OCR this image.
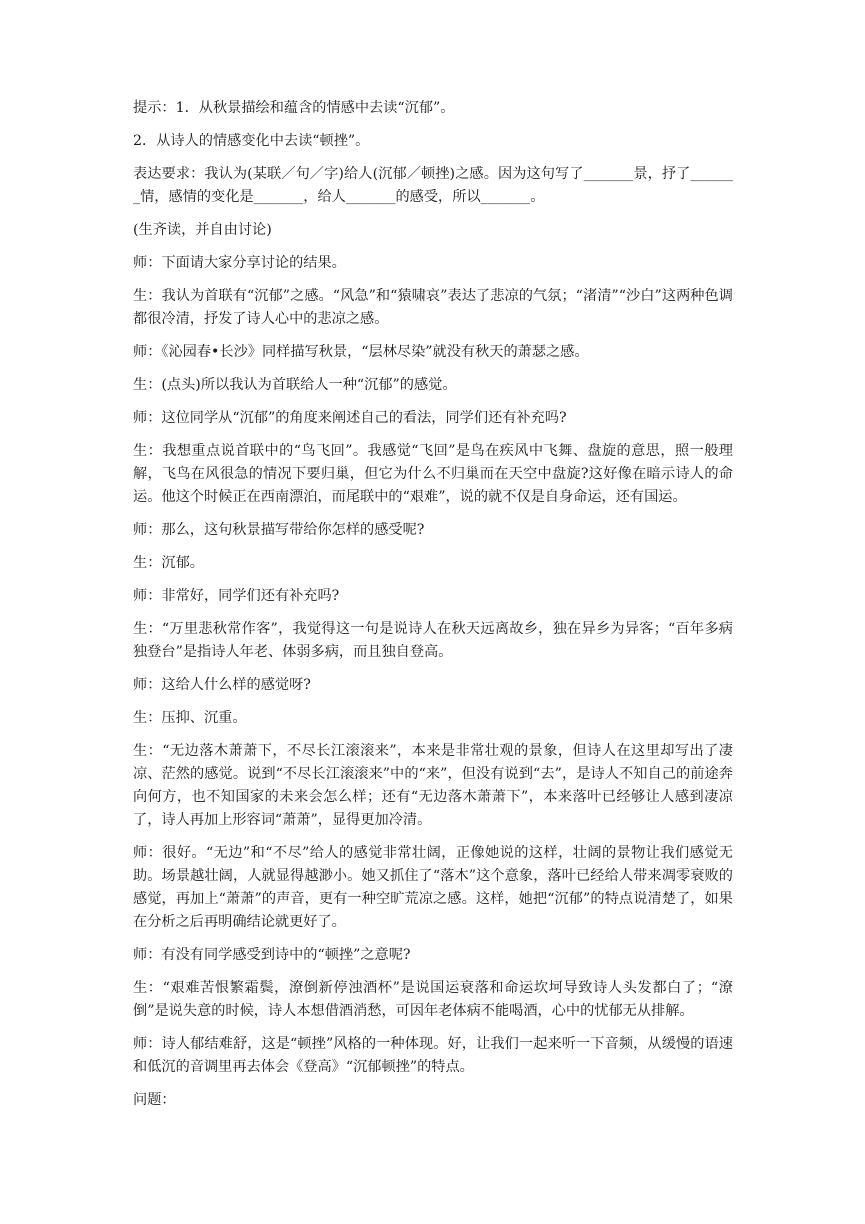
提示：1．从秋景描绘和蕴含的情感中去读“沉郁”。

2．从诗人的情感变化中去读“顿挫”。

表达要求：我认为(某联／句／字)给人(沉郁／顿挫)之感。因为这句写了_______景，抒了_______情，感情的变化是_______，给人_______的感受，所以_______。

(生齐读，并自由讨论)

师：下面请大家分享讨论的结果。

生：我认为首联有“沉郁”之感。“风急”和“猿啸哀”表达了悲凉的气氛；“渚清”“沙白”这两种色调都很冷清，抒发了诗人心中的悲凉之感。

师：《沁园春•长沙》同样描写秋景，“层林尽染”就没有秋天的萧瑟之感。

生：(点头)所以我认为首联给人一种“沉郁”的感觉。

师：这位同学从“沉郁”的角度来阐述自己的看法，同学们还有补充吗?

生：我想重点说首联中的“鸟飞回”。我感觉“飞回”是鸟在疾风中飞舞、盘旋的意思，照一般理解，飞鸟在风很急的情况下要归巢，但它为什么不归巢而在天空中盘旋?这好像在暗示诗人的命运。他这个时候正在西南漂泊，而尾联中的“艰难”，说的就不仅是自身命运，还有国运。

师：那么，这句秋景描写带给你怎样的感受呢?

生：沉郁。

师：非常好，同学们还有补充吗?

生：“万里悲秋常作客”，我觉得这一句是说诗人在秋天远离故乡，独在异乡为异客；“百年多病独登台”是指诗人年老、体弱多病，而且独自登高。

师：这给人什么样的感觉呀?

生：压抑、沉重。

生：“无边落木萧萧下，不尽长江滚滚来”，本来是非常壮观的景象，但诗人在这里却写出了凄凉、茫然的感觉。说到“不尽长江滚滚来”中的“来”，但没有说到“去”，是诗人不知自己的前途奔向何方，也不知国家的未来会怎么样；还有“无边落木萧萧下”，本来落叶已经够让人感到凄凉了，诗人再加上形容词“萧萧”，显得更加冷清。

师：很好。“无边”和“不尽”给人的感觉非常壮阔，正像她说的这样，壮阔的景物让我们感觉无助。场景越壮阔，人就显得越渺小。她又抓住了“落木”这个意象，落叶已经给人带来凋零衰败的感觉，再加上“萧萧”的声音，更有一种空旷荒凉之感。这样，她把“沉郁”的特点说清楚了，如果在分析之后再明确结论就更好了。

师：有没有同学感受到诗中的“顿挫”之意呢?

生：“艰难苦恨繁霜鬓，潦倒新停浊酒杯”是说国运衰落和命运坎坷导致诗人头发都白了；“潦倒”是说失意的时候，诗人本想借酒消愁，可因年老体病不能喝酒，心中的忧郁无从排解。

师：诗人郁结难舒，这是“顿挫”风格的一种体现。好，让我们一起来听一下音频，从缓慢的语速和低沉的音调里再去体会《登高》“沉郁顿挫”的特点。

问题：
